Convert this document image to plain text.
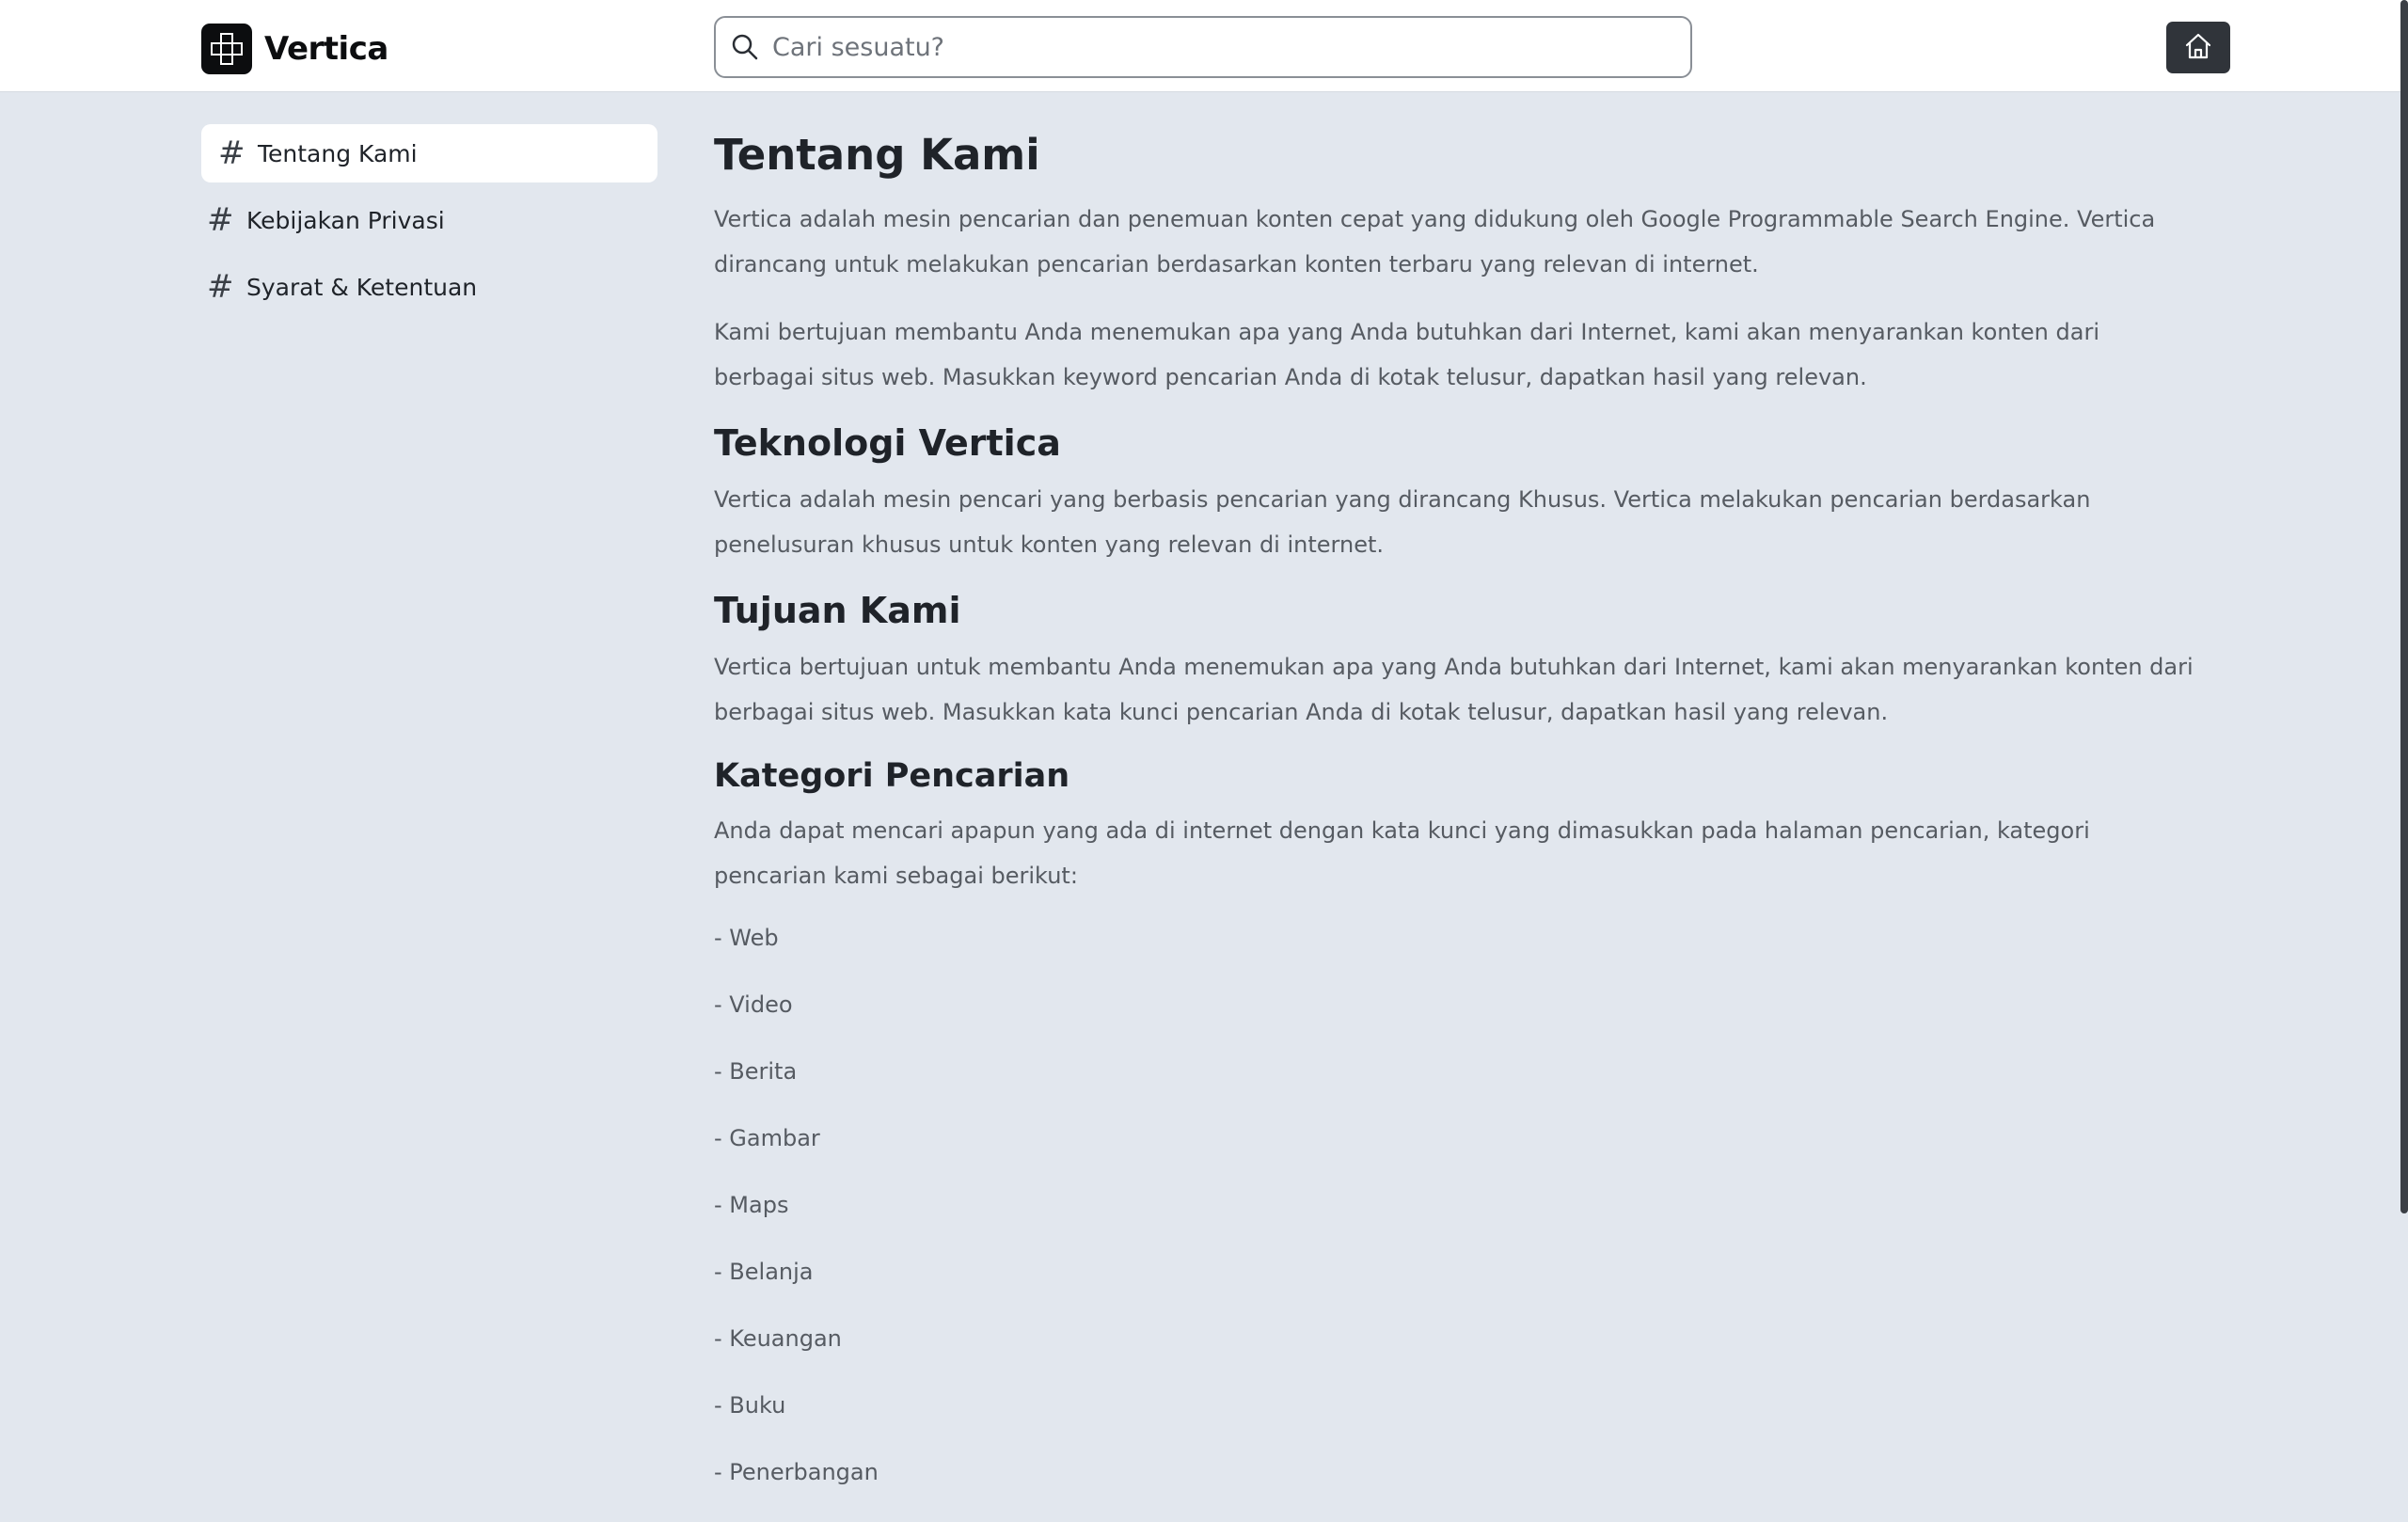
Vertica
Cari sesuatu?
# Tentang Kami
# Kebijakan Privasi
# Syarat & Ketentuan
Tentang Kami

Vertica adalah mesin pencarian dan penemuan konten cepat yang didukung oleh Google Programmable Search Engine. Vertica dirancang untuk melakukan pencarian berdasarkan konten terbaru yang relevan di internet.

Kami bertujuan membantu Anda menemukan apa yang Anda butuhkan dari Internet, kami akan menyarankan konten dari berbagai situs web. Masukkan keyword pencarian Anda di kotak telusur, dapatkan hasil yang relevan.

Teknologi Vertica

Vertica adalah mesin pencari yang berbasis pencarian yang dirancang Khusus. Vertica melakukan pencarian berdasarkan penelusuran khusus untuk konten yang relevan di internet.

Tujuan Kami

Vertica bertujuan untuk membantu Anda menemukan apa yang Anda butuhkan dari Internet, kami akan menyarankan konten dari berbagai situs web. Masukkan kata kunci pencarian Anda di kotak telusur, dapatkan hasil yang relevan.

Kategori Pencarian

Anda dapat mencari apapun yang ada di internet dengan kata kunci yang dimasukkan pada halaman pencarian, kategori pencarian kami sebagai berikut:

- Web
- Video
- Berita
- Gambar
- Maps
- Belanja
- Keuangan
- Buku
- Penerbangan
